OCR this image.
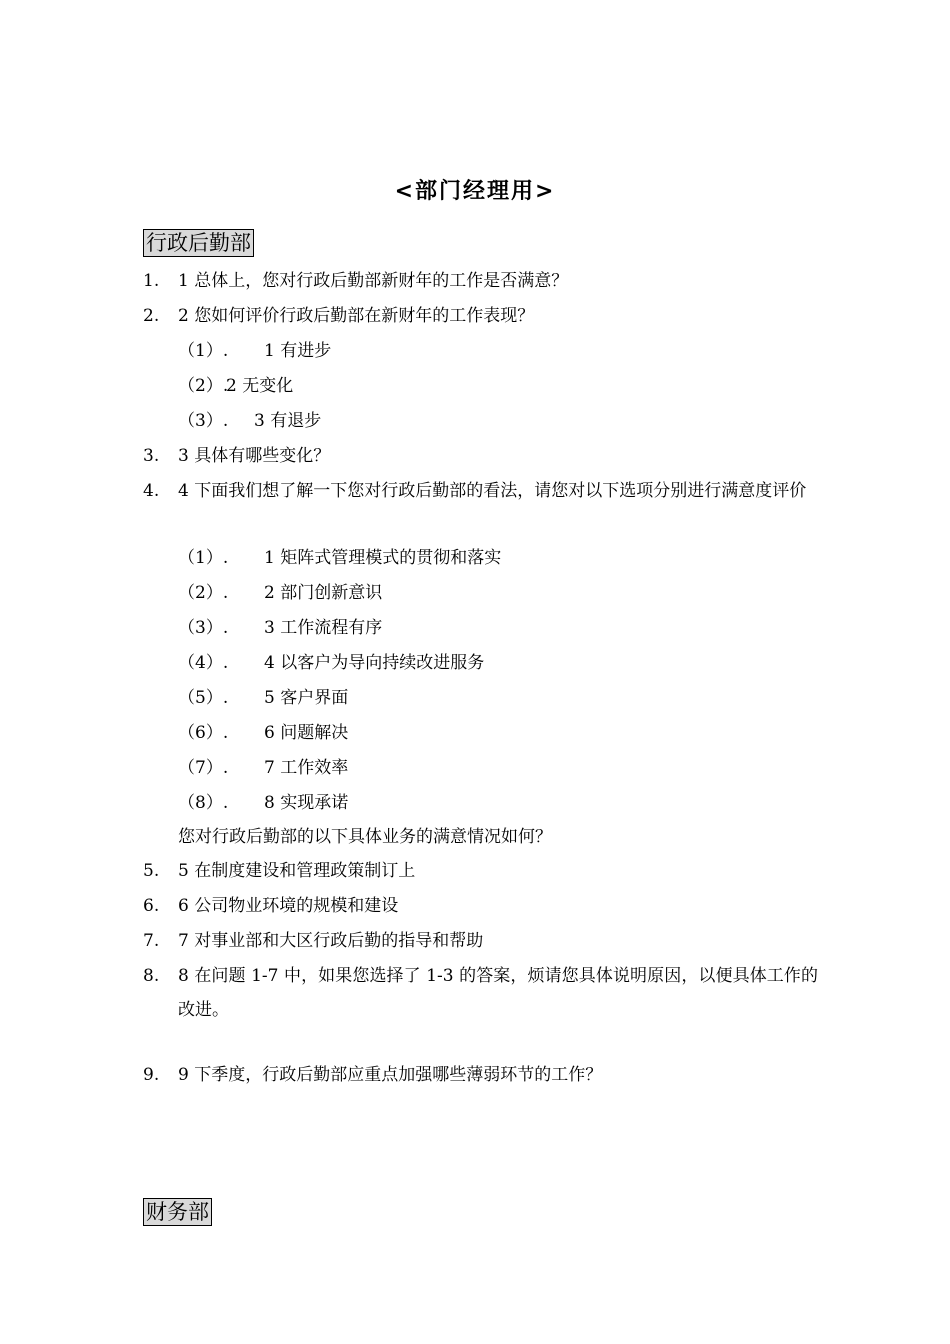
<部门经理用>
行政后勤部
1. 1 总体上，您对行政后勤部新财年的工作是否满意？
2. 2 您如何评价行政后勤部在新财年的工作表现？
（1）. 1 有进步
（2）.
2 无变化
（3）. 3 有退步
3. 3 具体有哪些变化？
4. 4 下面我们想了解一下您对行政后勤部的看法，请您对以下选项分别进行满意度评价
（1）. 1 矩阵式管理模式的贯彻和落实
（2）. 2 部门创新意识
（3）. 3 工作流程有序
（4）. 4 以客户为导向持续改进服务
（5）. 5 客户界面
（6）. 6 问题解决
（7）. 7 工作效率
（8）. 8 实现承诺
您对行政后勤部的以下具体业务的满意情况如何？
5. 5 在制度建设和管理政策制订上
6. 6 公司物业环境的规模和建设
7. 7 对事业部和大区行政后勤的指导和帮助
8. 8 在问题 1-7 中，如果您选择了 1-3 的答案，烦请您具体说明原因，以便具体工作的改进。
9. 9 下季度，行政后勤部应重点加强哪些薄弱环节的工作？
财务部
